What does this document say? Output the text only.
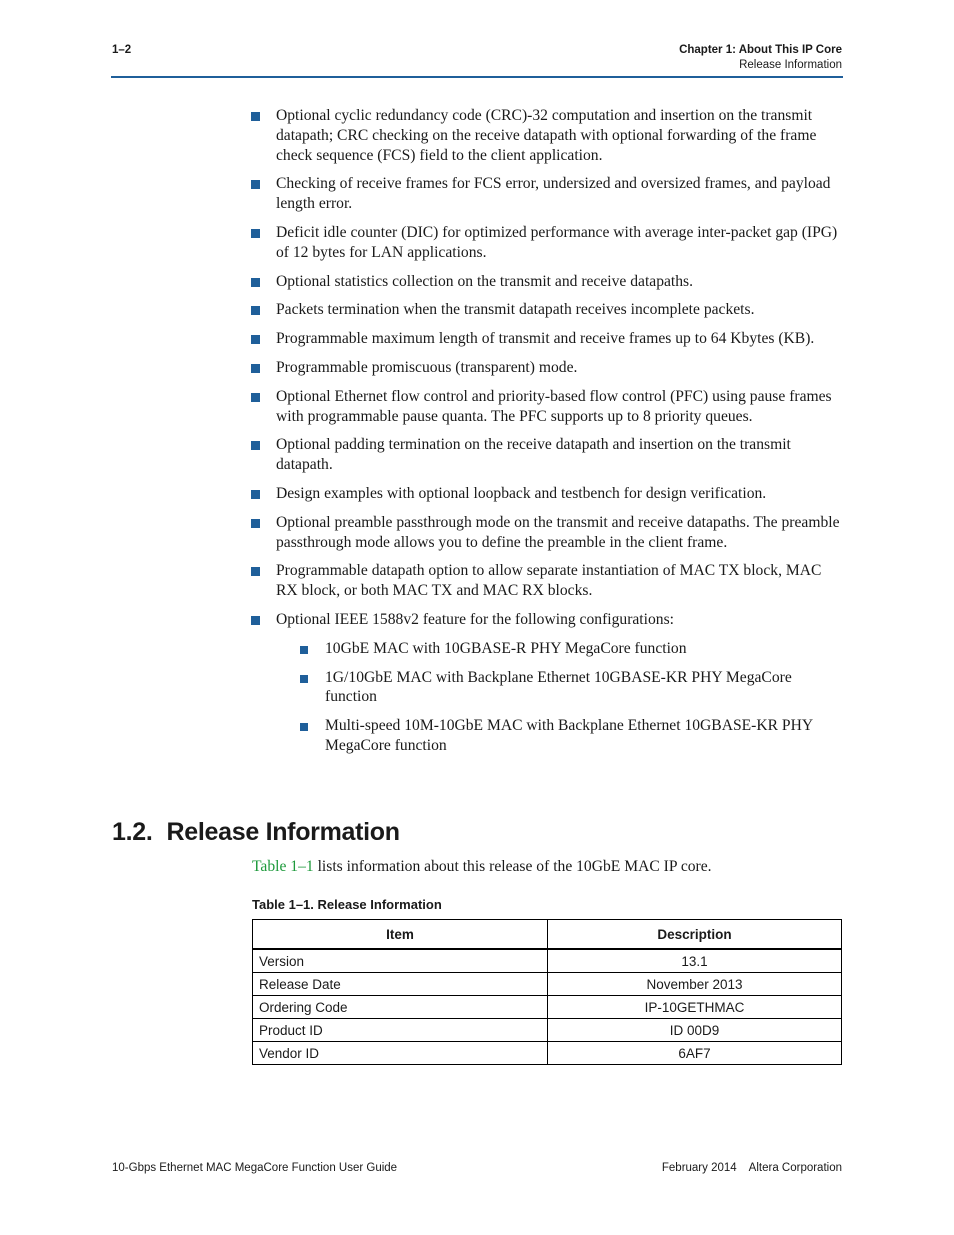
1–2	Chapter 1: About This IP Core
Release Information
Optional cyclic redundancy code (CRC)-32 computation and insertion on the transmit datapath; CRC checking on the receive datapath with optional forwarding of the frame check sequence (FCS) field to the client application.
Checking of receive frames for FCS error, undersized and oversized frames, and payload length error.
Deficit idle counter (DIC) for optimized performance with average inter-packet gap (IPG) of 12 bytes for LAN applications.
Optional statistics collection on the transmit and receive datapaths.
Packets termination when the transmit datapath receives incomplete packets.
Programmable maximum length of transmit and receive frames up to 64 Kbytes (KB).
Programmable promiscuous (transparent) mode.
Optional Ethernet flow control and priority-based flow control (PFC) using pause frames with programmable pause quanta. The PFC supports up to 8 priority queues.
Optional padding termination on the receive datapath and insertion on the transmit datapath.
Design examples with optional loopback and testbench for design verification.
Optional preamble passthrough mode on the transmit and receive datapaths. The preamble passthrough mode allows you to define the preamble in the client frame.
Programmable datapath option to allow separate instantiation of MAC TX block, MAC RX block, or both MAC TX and MAC RX blocks.
Optional IEEE 1588v2 feature for the following configurations:
10GbE MAC with 10GBASE-R PHY MegaCore function
1G/10GbE MAC with Backplane Ethernet 10GBASE-KR PHY MegaCore function
Multi-speed 10M-10GbE MAC with Backplane Ethernet 10GBASE-KR PHY MegaCore function
1.2. Release Information
Table 1–1 lists information about this release of the 10GbE MAC IP core.
Table 1–1. Release Information
Item	Description
Version	13.1
Release Date	November 2013
Ordering Code	IP-10GETHMAC
Product ID	ID 00D9
Vendor ID	6AF7
10-Gbps Ethernet MAC MegaCore Function User Guide	February 2014 Altera Corporation
